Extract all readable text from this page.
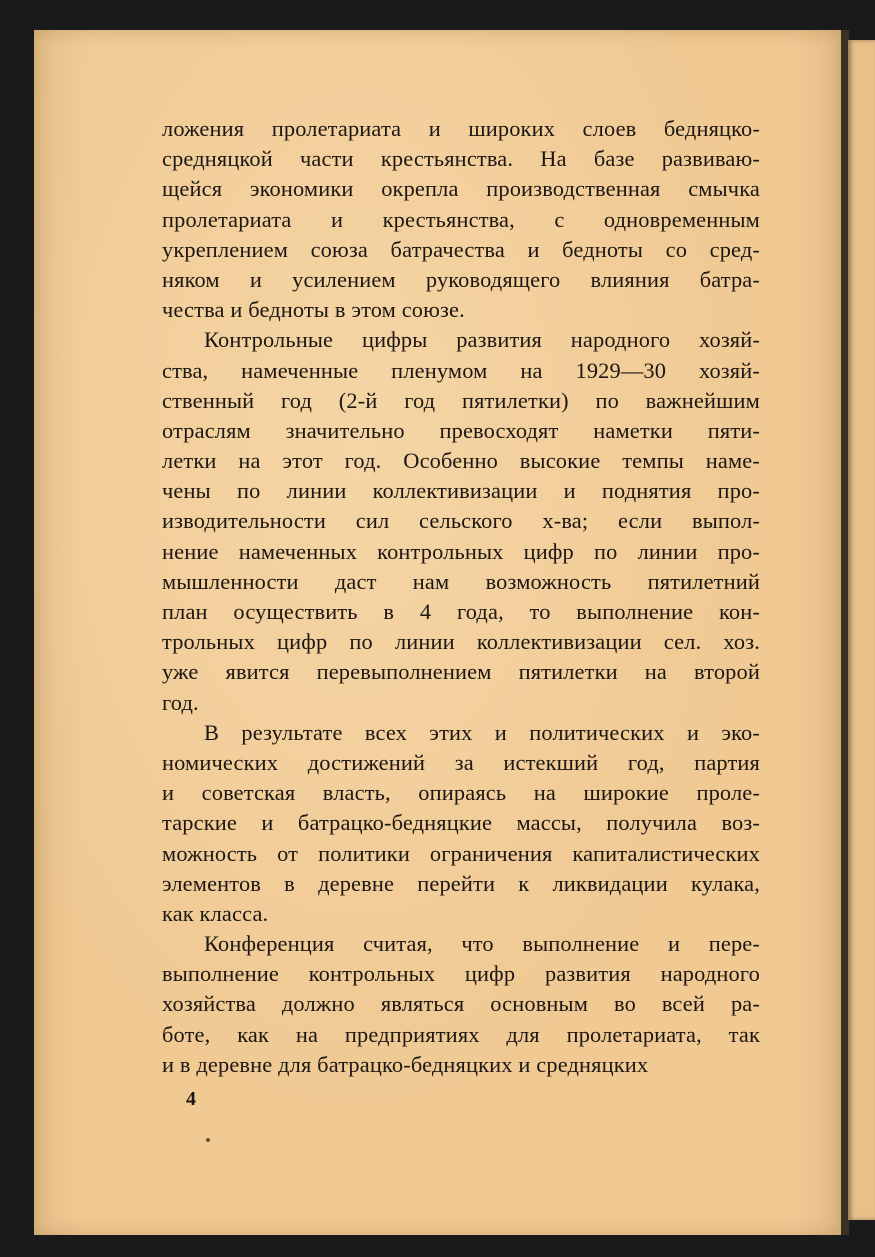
ложения пролетариата и широких слоев бедняцко-
средняцкой части крестьянства. На базе развиваю-
щейся экономики окрепла производственная смычка
пролетариата и крестьянства, с одновременным
укреплением союза батрачества и бедноты со сред-
няком и усилением руководящего влияния батра-
чества и бедноты в этом союзе.

Контрольные цифры развития народного хозяй-
ства, намеченные пленумом на 1929—30 хозяй-
ственный год (2-й год пятилетки) по важнейшим
отраслям значительно превосходят наметки пяти-
летки на этот год. Особенно высокие темпы наме-
чены по линии коллективизации и поднятия про-
изводительности сил сельского х-ва; если выпол-
нение намеченных контрольных цифр по линии про-
мышленности даст нам возможность пятилетний
план осуществить в 4 года, то выполнение кон-
трольных цифр по линии коллективизации сел. хоз.
уже явится перевыполнением пятилетки на второй
год.

В результате всех этих и политических и эко-
номических достижений за истекший год, партия
и советская власть, опираясь на широкие проле-
тарские и батрацко-бедняцкие массы, получила воз-
можность от политики ограничения капиталистических
элементов в деревне перейти к ликвидации кулака,
как класса.

Конференция считая, что выполнение и пере-
выполнение контрольных цифр развития народного
хозяйства должно являться основным во всей ра-
боте, как на предприятиях для пролетариата, так
и в деревне для батрацко-бедняцких и средняцких

4
